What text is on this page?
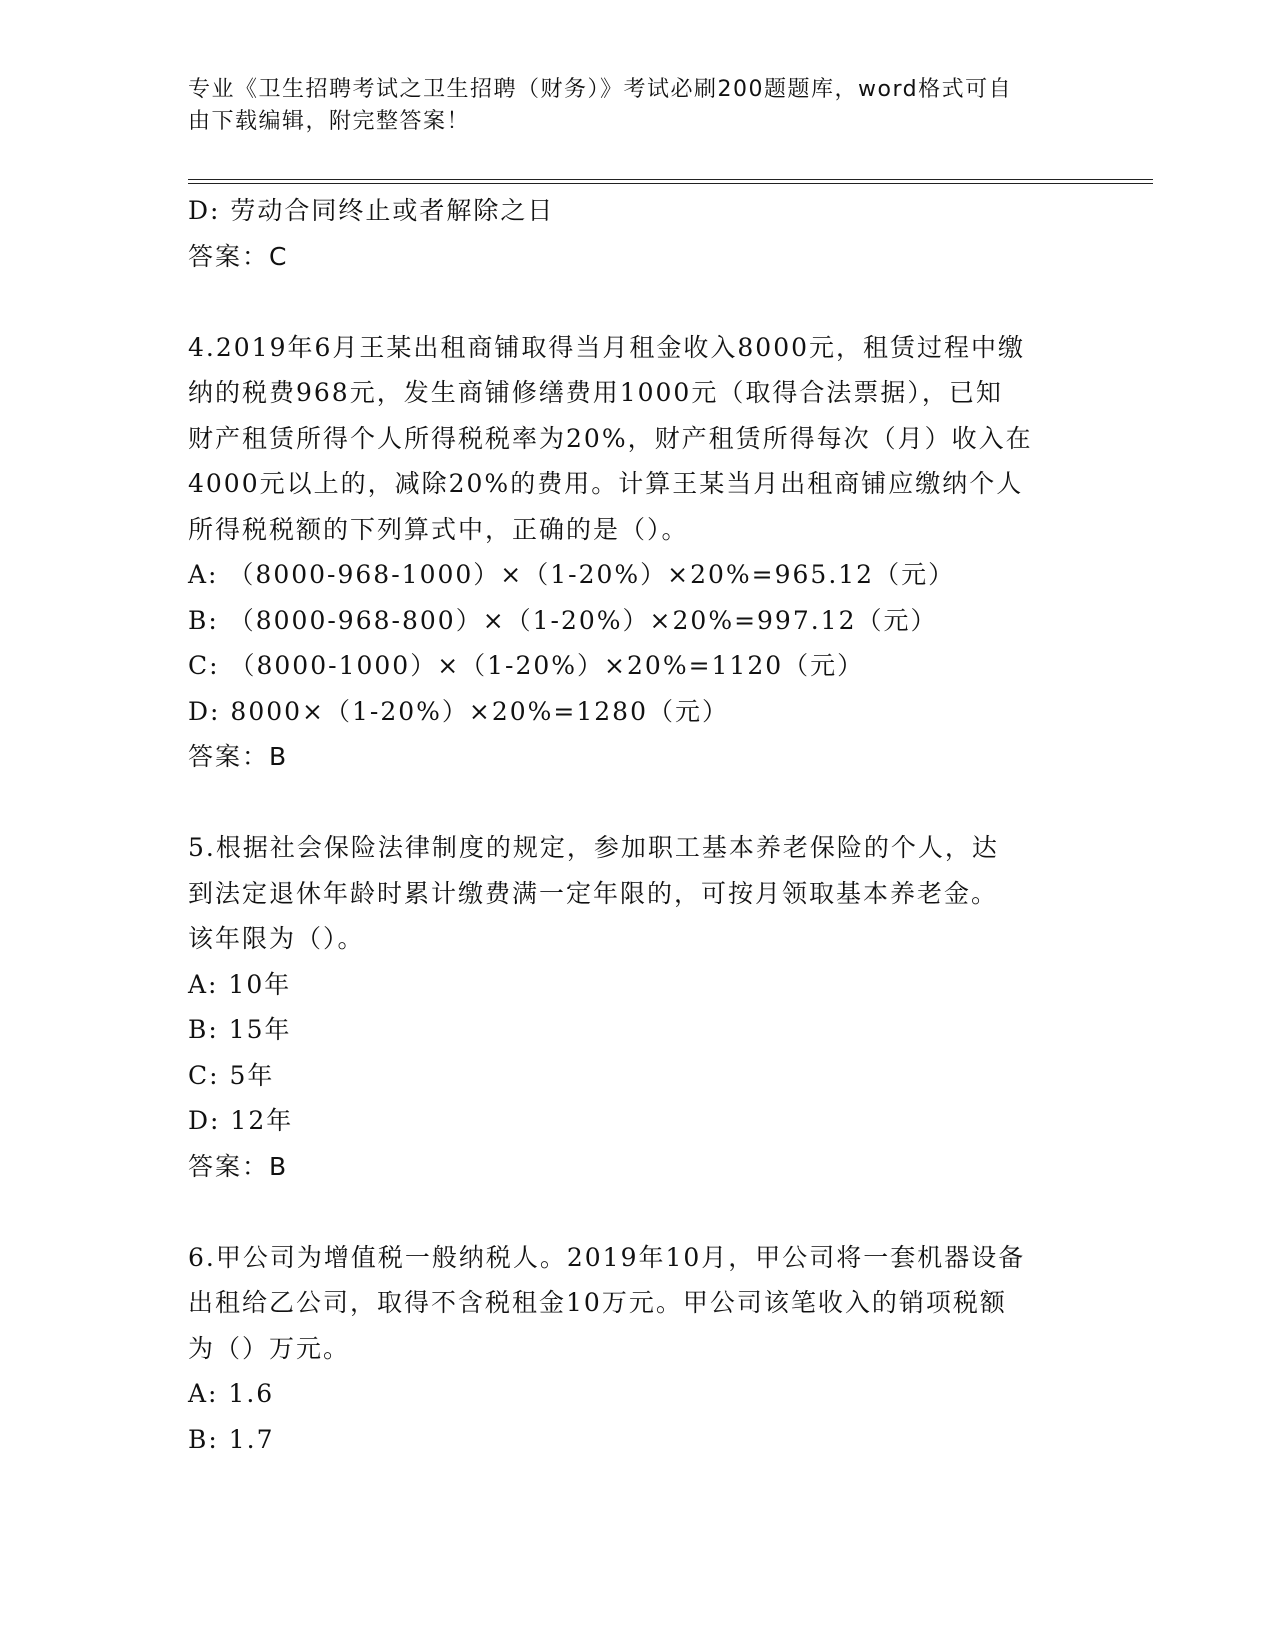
专业《卫生招聘考试之卫生招聘（财务）》考试必刷200题题库，word格式可自
由下载编辑，附完整答案！
D: 劳动合同终止或者解除之日
答案：C
4.2019年6月王某出租商铺取得当月租金收入8000元，租赁过程中缴
纳的税费968元，发生商铺修缮费用1000元（取得合法票据），已知
财产租赁所得个人所得税税率为20%，财产租赁所得每次（月）收入在
4000元以上的，减除20%的费用。计算王某当月出租商铺应缴纳个人
所得税税额的下列算式中，正确的是（）。
A: （8000-968-1000）×（1-20%）×20%=965.12（元）
B: （8000-968-800）×（1-20%）×20%=997.12（元）
C: （8000-1000）×（1-20%）×20%=1120（元）
D: 8000×（1-20%）×20%=1280（元）
答案：B
5.根据社会保险法律制度的规定，参加职工基本养老保险的个人，达
到法定退休年龄时累计缴费满一定年限的，可按月领取基本养老金。
该年限为（）。
A: 10年
B: 15年
C: 5年
D: 12年
答案：B
6.甲公司为增值税一般纳税人。2019年10月，甲公司将一套机器设备
出租给乙公司，取得不含税租金10万元。甲公司该笔收入的销项税额
为（）万元。
A: 1.6
B: 1.7
